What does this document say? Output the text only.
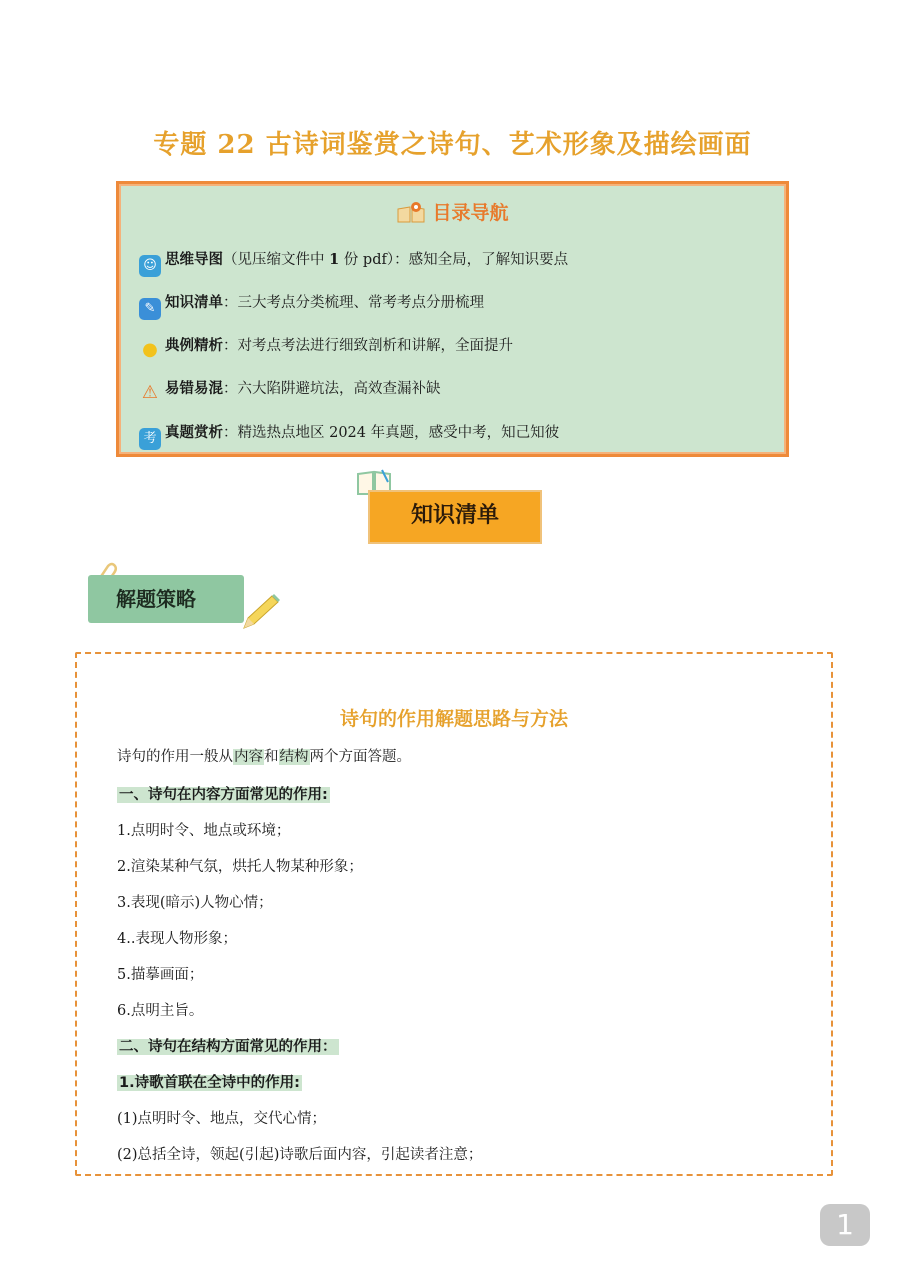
专题 22 古诗词鉴赏之诗句、艺术形象及描绘画面
目录导航
☺ 思维导图（见压缩文件中 1 份 pdf）：感知全局，了解知识要点
✎ 知识清单：三大考点分类梳理、常考考点分册梳理
● 典例精析：对考点考法进行细致剖析和讲解，全面提升
⚠ 易错易混：六大陷阱避坑法，高效查漏补缺
考 真题赏析：精选热点地区 2024 年真题，感受中考，知己知彼
知识清单
解题策略
诗句的作用解题思路与方法
诗句的作用一般从内容和结构两个方面答题。
一、诗句在内容方面常见的作用:
1.点明时令、地点或环境；
2.渲染某种气氛，烘托人物某种形象；
3.表现(暗示)人物心情；
4..表现人物形象；
5.描摹画面；
6.点明主旨。
二、诗句在结构方面常见的作用：
1.诗歌首联在全诗中的作用:
(1)点明时令、地点，交代心情；
(2)总括全诗，领起(引起)诗歌后面内容，引起读者注意；
1
